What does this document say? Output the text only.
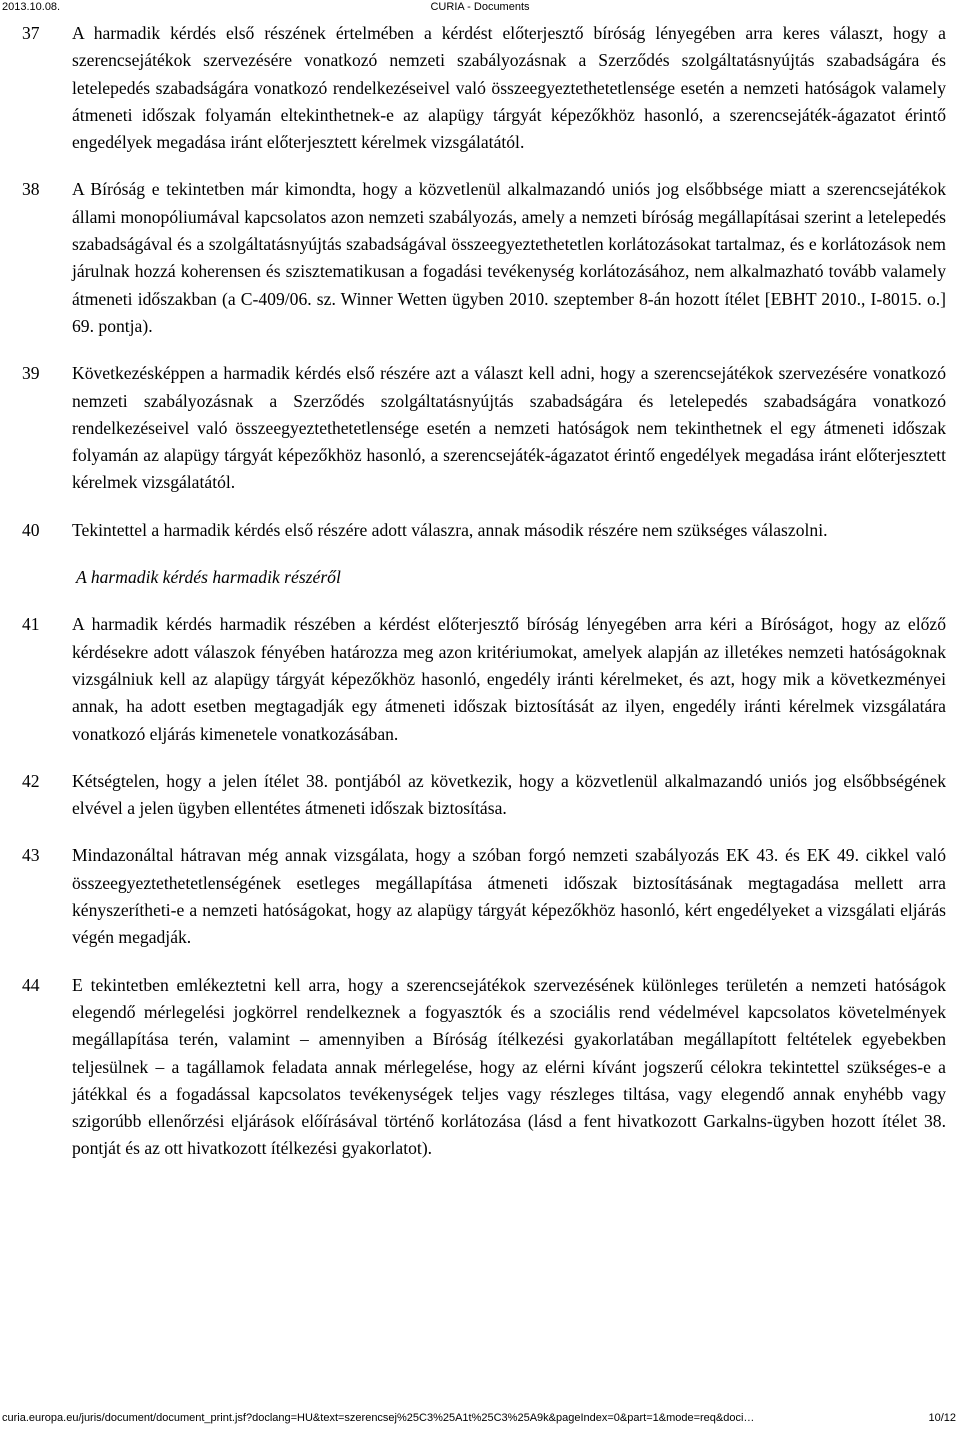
2013.10.08.	CURIA - Documents
37	A harmadik kérdés első részének értelmében a kérdést előterjesztő bíróság lényegében arra keres választ, hogy a szerencsejátékok szervezésére vonatkozó nemzeti szabályozásnak a Szerződés szolgáltatásnyújtás szabadságára és letelepedés szabadságára vonatkozó rendelkezéseivel való összeegyeztethetetlensége esetén a nemzeti hatóságok valamely átmeneti időszak folyamán eltekinthetnek‑e az alapügy tárgyát képezőkhöz hasonló, a szerencsejáték‑ágazatot érintő engedélyek megadása iránt előterjesztett kérelmek vizsgálatától.
38	A Bíróság e tekintetben már kimondta, hogy a közvetlenül alkalmazandó uniós jog elsőbbsége miatt a szerencsejátékok állami monopóliumával kapcsolatos azon nemzeti szabályozás, amely a nemzeti bíróság megállapításai szerint a letelepedés szabadságával és a szolgáltatásnyújtás szabadságával összeegyeztethetetlen korlátozásokat tartalmaz, és e korlátozások nem járulnak hozzá koherensen és szisztematikusan a fogadási tevékenység korlátozásához, nem alkalmazható tovább valamely átmeneti időszakban (a C‑409/06. sz. Winner Wetten ügyben 2010. szeptember 8‑án hozott ítélet [EBHT 2010., I‑8015. o.] 69. pontja).
39	Következésképpen a harmadik kérdés első részére azt a választ kell adni, hogy a szerencsejátékok szervezésére vonatkozó nemzeti szabályozásnak a Szerződés szolgáltatásnyújtás szabadságára és letelepedés szabadságára vonatkozó rendelkezéseivel való összeegyeztethetetlensége esetén a nemzeti hatóságok nem tekinthetnek el egy átmeneti időszak folyamán az alapügy tárgyát képezőkhöz hasonló, a szerencsejáték‑ágazatot érintő engedélyek megadása iránt előterjesztett kérelmek vizsgálatától.
40	Tekintettel a harmadik kérdés első részére adott válaszra, annak második részére nem szükséges válaszolni.
A harmadik kérdés harmadik részéről
41	A harmadik kérdés harmadik részében a kérdést előterjesztő bíróság lényegében arra kéri a Bíróságot, hogy az előző kérdésekre adott válaszok fényében határozza meg azon kritériumokat, amelyek alapján az illetékes nemzeti hatóságoknak vizsgálniuk kell az alapügy tárgyát képezőkhöz hasonló, engedély iránti kérelmeket, és azt, hogy mik a következményei annak, ha adott esetben megtagadják egy átmeneti időszak biztosítását az ilyen, engedély iránti kérelmek vizsgálatára vonatkozó eljárás kimenetele vonatkozásában.
42	Kétségtelen, hogy a jelen ítélet 38. pontjából az következik, hogy a közvetlenül alkalmazandó uniós jog elsőbbségének elvével a jelen ügyben ellentétes átmeneti időszak biztosítása.
43	Mindazonáltal hátravan még annak vizsgálata, hogy a szóban forgó nemzeti szabályozás EK 43. és EK 49. cikkel való összeegyeztethetetlenségének esetleges megállapítása átmeneti időszak biztosításának megtagadása mellett arra kényszerítheti‑e a nemzeti hatóságokat, hogy az alapügy tárgyát képezőkhöz hasonló, kért engedélyeket a vizsgálati eljárás végén megadják.
44	E tekintetben emlékeztetni kell arra, hogy a szerencsejátékok szervezésének különleges területén a nemzeti hatóságok elegendő mérlegelési jogkörrel rendelkeznek a fogyasztók és a szociális rend védelmével kapcsolatos követelmények megállapítása terén, valamint – amennyiben a Bíróság ítélkezési gyakorlatában megállapított feltételek egyebekben teljesülnek – a tagállamok feladata annak mérlegelése, hogy az elérni kívánt jogszerű célokra tekintettel szükséges‑e a játékkal és a fogadással kapcsolatos tevékenységek teljes vagy részleges tiltása, vagy elegendő annak enyhébb vagy szigorúbb ellenőrzési eljárások előírásával történő korlátozása (lásd a fent hivatkozott Garkalns‑ügyben hozott ítélet 38. pontját és az ott hivatkozott ítélkezési gyakorlatot).
curia.europa.eu/juris/document/document_print.jsf?doclang=HU&text=szerencsej%25C3%25A1t%25C3%25A9k&pageIndex=0&part=1&mode=req&doci…	10/12
